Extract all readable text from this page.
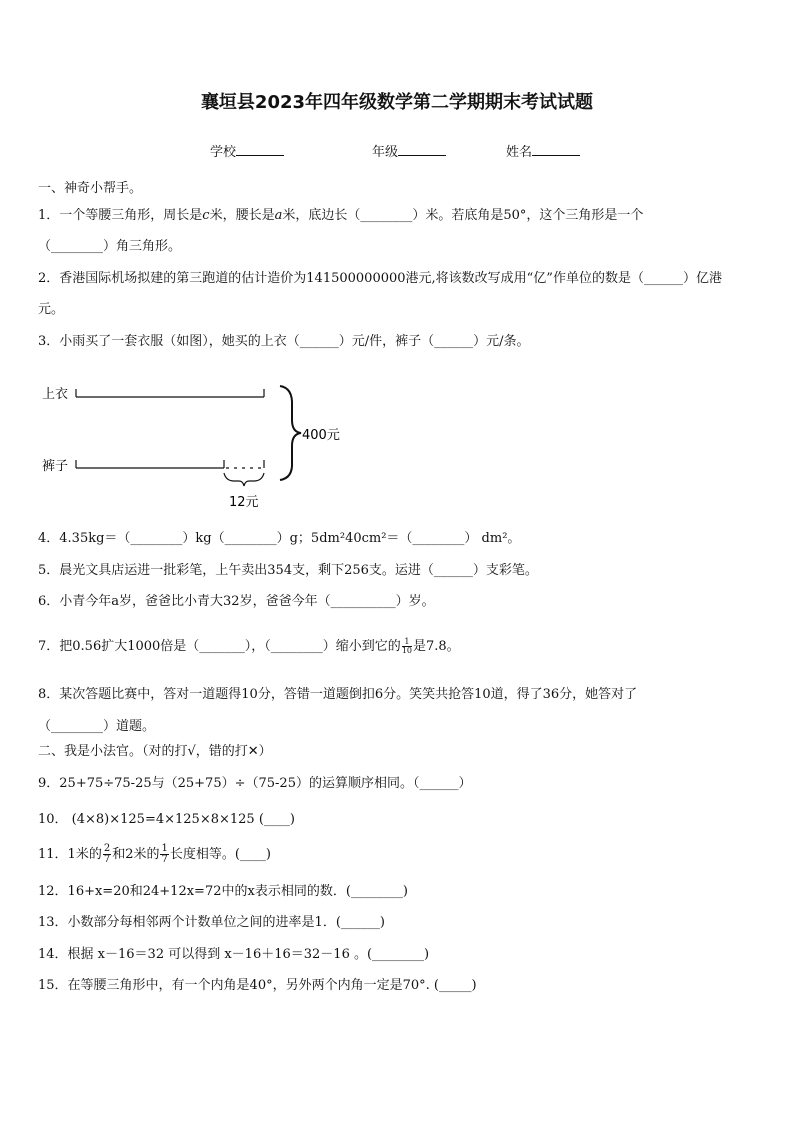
襄垣县2023年四年级数学第二学期期末考试试题
学校	年级	姓名
一、神奇小帮手。
1．一个等腰三角形，周长是c米，腰长是a米，底边长（________）米。若底角是50°，这个三角形是一个
（________）角三角形。
2．香港国际机场拟建的第三跑道的估计造价为141500000000港元,将该数改写成用“亿”作单位的数是（______）亿港
元。
3．小雨买了一套衣服（如图），她买的上衣（______）元/件，裤子（______）元/条。
上衣
裤子
12元
400元
4．4.35kg＝（________）kg（________）g；5dm²40cm²＝（________） dm²。
5．晨光文具店运进一批彩笔，上午卖出354支，剩下256支。运进（______）支彩笔。
6．小青今年a岁，爸爸比小青大32岁，爸爸今年（__________）岁。
7．把0.56扩大1000倍是（_______），（________）缩小到它的 $\frac{1}{10}$ 是7.8。
8．某次答题比赛中，答对一道题得10分，答错一道题倒扣6分。笑笑共抢答10道，得了36分，她答对了
（________）道题。
二、我是小法官。（对的打√，错的打✕）
9．25+75÷75-25与（25+75）÷（75-25）的运算顺序相同。（______）
10． (4×8)×125=4×125×8×125 (____)
11．1米的 $\frac{2}{7}$ 和2米的 $\frac{1}{7}$ 长度相等。(____)
12．16+x=20和24+12x=72中的x表示相同的数．(________)
13．小数部分每相邻两个计数单位之间的进率是1．(______)
14．根据 x－16＝32 可以得到 x－16＋16＝32－16 。(________)
15．在等腰三角形中，有一个内角是40°，另外两个内角一定是70°. (_____)
